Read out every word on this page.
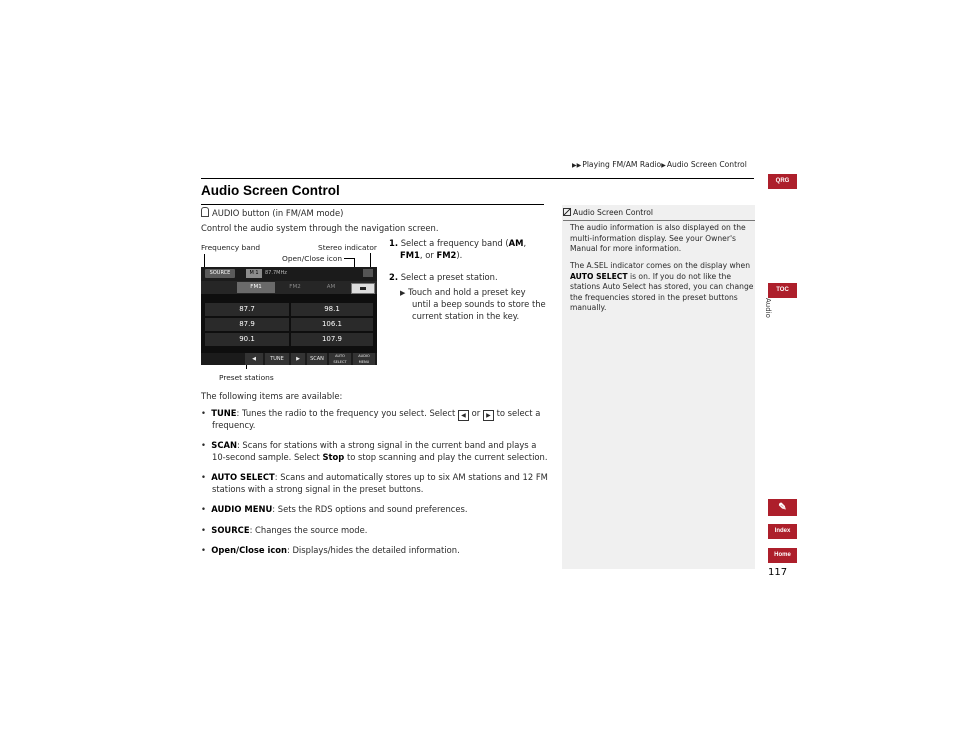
▶▶Playing FM/AM Radio▶Audio Screen Control
Audio Screen Control
AUDIO button (in FM/AM mode)
Control the audio system through the navigation screen.
Frequency band	Stereo indicator
Open/Close icon
SOURCE	M 1	87.7MHz
FM1	FM2	AM
87.7	98.1
87.9	106.1
90.1	107.9
◀	TUNE	▶	SCAN	AUTO SELECT
AUDIO MENU
Preset stations
1. Select a frequency band (AM,
FM1, or FM2).
2. Select a preset station.
▶ Touch and hold a preset key
until a beep sounds to store the
current station in the key.
The following items are available:
• TUNE: Tunes the radio to the frequency you select. Select ◀ or ▶ to select a
frequency.
• SCAN: Scans for stations with a strong signal in the current band and plays a
10-second sample. Select Stop to stop scanning and play the current selection.
• AUTO SELECT: Scans and automatically stores up to six AM stations and 12 FM
stations with a strong signal in the preset buttons.
• AUDIO MENU: Sets the RDS options and sound preferences.
• SOURCE: Changes the source mode.
• Open/Close icon: Displays/hides the detailed information.
Audio Screen Control
The audio information is also displayed on the
multi-information display. See your Owner's
Manual for more information.
The A.SEL indicator comes on the display when
AUTO SELECT is on. If you do not like the
stations Auto Select has stored, you can change
the frequencies stored in the preset buttons
manually.
QRG
TOC
Audio
✎
Index
Home
117
